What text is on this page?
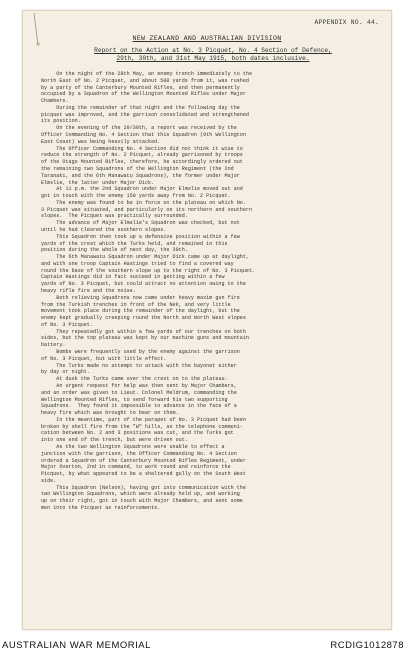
APPENDIX NO. 44.
NEW ZEALAND AND AUSTRALIAN DIVISION
Report on the Action at No. 3 Picquet, No. 4 Section of Defence,
29th, 30th, and 31st May 1915, both dates inclusive.
On the night of the 28th May, an enemy trench immediately to the
North East of No. 2 Picquet, and about 500 yards from it, was rushed
by a party of the Canterbury Mounted Rifles, and then permanently
occupied by a Squadron of the Wellington Mounted Rifles under Major
Chambers.
During the remainder of that night and the following day the
picquet was improved, and the garrison consolidated and strengthened
its position.
On the evening of the 29/30th, a report was received by the
Officer Commanding No. 4 Section that this Squadron (9th Wellington
East Coast) was being heavily attacked.
The Officer Commanding No. 4 Section did not think it wise to
reduce the strength of No. 2 Picquet, already garrisoned by troops
of the Otago Mounted Rifles, therefore, he accordingly ordered out
the remaining two Squadrons of the Wellington Regiment (the 2nd
Taranaki, and the 6th Manawatu Squadrons), the former under Major
Elmslie, the latter under Major Dick.
At 11 p.m. the 2nd Squadron under Major Elmslie moved out and
got in touch with the enemy 150 yards away from No. 2 Picquet.
The enemy was found to be in force on the plateau on which No.
3 Picquet was situated, and particularly on its northern and southern
slopes.  The Picquet was practically surrounded.
The advance of Major Elmslie's Squadron was checked, but not
until he had cleared the southern slopes.
This Squadron then took up a defensive position within a few
yards of the crest which the Turks held, and remained in this
position during the whole of next day, the 30th.
The 6th Manawatu Squadron under Major Dick came up at daylight,
and with one troop Captain Hastings tried to find a covered way
round the base of the southern slope up to the right of No. 3 Picquet.
Captain Hastings did in fact succeed in getting within a few
yards of No. 3 Picquet, but could attract no attention owing to the
heavy rifle fire and the noise.
Both relieving Squadrons now came under heavy maxim gun fire
from the Turkish trenches in front of the Nek, and very little
movement took place during the remainder of the daylight, but the
enemy kept gradually creeping round the North and North West slopes
of No. 3 Picquet.
They repeatedly got within a few yards of our trenches on both
sides, but the top plateau was kept by our machine guns and mountain
battery.
Bombs were frequently used by the enemy against the garrison
of No. 3 Picquet, but with little effect.
The Turks made no attempt to attack with the bayonet either
by day or night.
At dusk the Turks came over the crest on to the plateau.
An urgent request for help was then sent by Major Chambers,
and an order was given to Lieut. Colonel Meldrum, commanding the
Wellington Mounted Rifles, to send forward his two supporting
Squadrons.  They found it impossible to advance in the face of a
heavy fire which was brought to bear on them.
In the meantime, part of the parapet of No. 3 Picquet had been
broken by shell fire from the "W" hills, as the telephone communi-
cation between No. 2 and 3 positions was cut, and the Turks got
into one end of the trench, but were driven out.
As the two Wellington Squadrons were unable to effect a
junction with the garrison, the Officer Commanding No. 4 Section
ordered a Squadron of the Canterbury Mounted Rifles Regiment, under
Major Overton, 2nd in command, to work round and reinforce the
Picquet, by what appeared to be a sheltered gully on the South West
side.
This Squadron (Nelson), having got into communication with the
two Wellington Squadrons, which were already held up, and working
up on their right, got in touch with Major Chambers, and sent some
men into the Picquet as reinforcements.
AUSTRALIAN WAR MEMORIAL	RCDIG1012878
